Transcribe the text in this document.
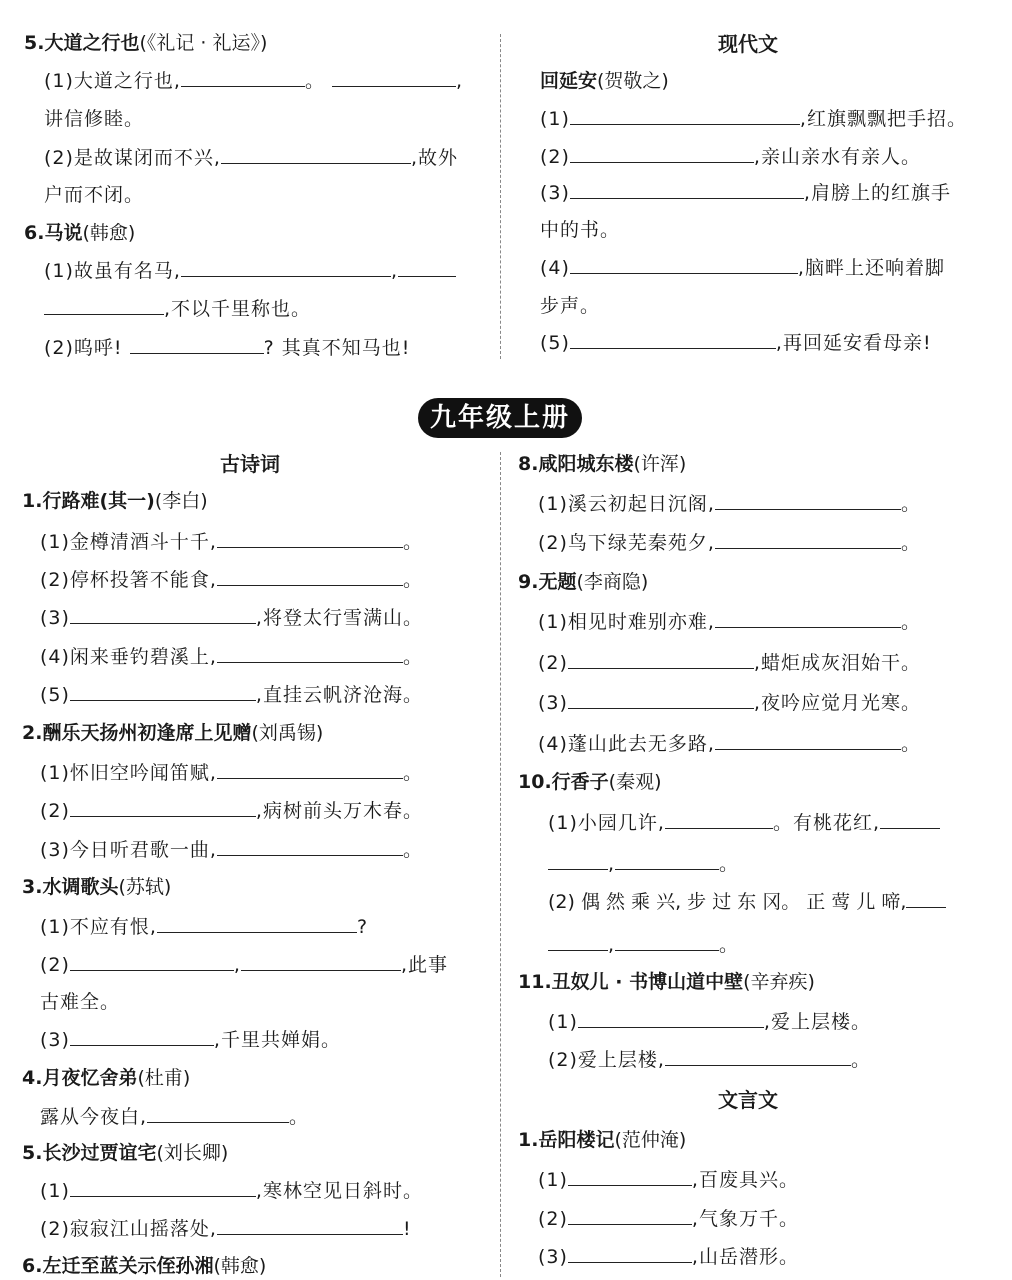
5.大道之行也(《礼记 · 礼运》)
(1)大道之行也,	。	,
讲信修睦。
(2)是故谋闭而不兴,	,故外
户而不闭。
6.马说(韩愈)
(1)故虽有名马,	,
,不以千里称也。
(2)呜呼!	? 其真不知马也!
现代文
回延安(贺敬之)
(1)	,红旗飘飘把手招。
(2)	,亲山亲水有亲人。
(3)	,肩膀上的红旗手
中的书。
(4)	,脑畔上还响着脚
步声。
(5)	,再回延安看母亲!
九年级上册
古诗词
1.行路难(其一)(李白)
(1)金樽清酒斗十千,	。
(2)停杯投箸不能食,	。
(3)	,将登太行雪满山。
(4)闲来垂钓碧溪上,	。
(5)	,直挂云帆济沧海。
2.酬乐天扬州初逢席上见赠(刘禹锡)
(1)怀旧空吟闻笛赋,	。
(2)	,病树前头万木春。
(3)今日听君歌一曲,	。
3.水调歌头(苏轼)
(1)不应有恨,	?
(2)	,	,此事
古难全。
(3)	,千里共婵娟。
4.月夜忆舍弟(杜甫)
露从今夜白,	。
5.长沙过贾谊宅(刘长卿)
(1)	,寒林空见日斜时。
(2)寂寂江山摇落处,	!
6.左迁至蓝关示侄孙湘(韩愈)
8.咸阳城东楼(许浑)
(1)溪云初起日沉阁,	。
(2)鸟下绿芜秦苑夕,	。
9.无题(李商隐)
(1)相见时难别亦难,	。
(2)	,蜡炬成灰泪始干。
(3)	,夜吟应觉月光寒。
(4)蓬山此去无多路,	。
10.行香子(秦观)
(1)小园几许,	。有桃花红,
,	。
(2) 偶 然 乘 兴, 步 过 东 冈。 正 莺 儿 啼,
,	。
11.丑奴儿 · 书博山道中壁(辛弃疾)
(1)	,爱上层楼。
(2)爱上层楼,	。
文言文
1.岳阳楼记(范仲淹)
(1)	,百废具兴。
(2)	,气象万千。
(3)	,山岳潜形。
